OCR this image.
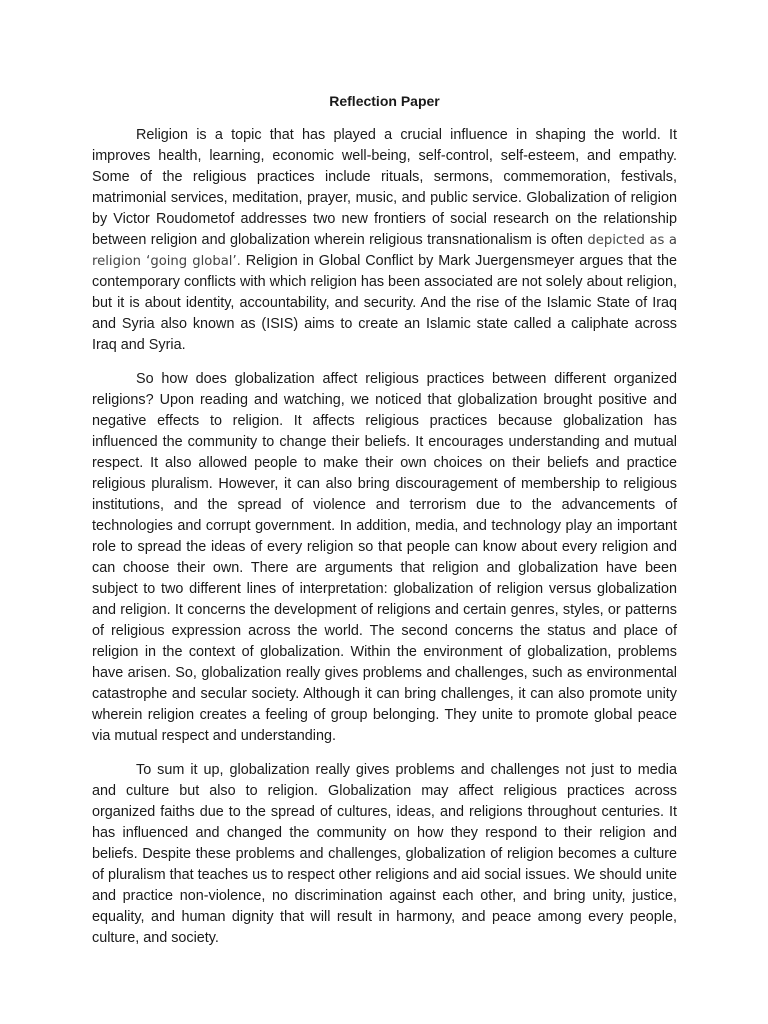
Reflection Paper

Religion is a topic that has played a crucial influence in shaping the world. It improves health, learning, economic well-being, self-control, self-esteem, and empathy. Some of the religious practices include rituals, sermons, commemoration, festivals, matrimonial services, meditation, prayer, music, and public service. Globalization of religion by Victor Roudometof addresses two new frontiers of social research on the relationship between religion and globalization wherein religious transnationalism is often depicted as a religion ‘going global’. Religion in Global Conflict by Mark Juergensmeyer argues that the contemporary conflicts with which religion has been associated are not solely about religion, but it is about identity, accountability, and security. And the rise of the Islamic State of Iraq and Syria also known as (ISIS) aims to create an Islamic state called a caliphate across Iraq and Syria.

So how does globalization affect religious practices between different organized religions? Upon reading and watching, we noticed that globalization brought positive and negative effects to religion. It affects religious practices because globalization has influenced the community to change their beliefs. It encourages understanding and mutual respect. It also allowed people to make their own choices on their beliefs and practice religious pluralism. However, it can also bring discouragement of membership to religious institutions, and the spread of violence and terrorism due to the advancements of technologies and corrupt government. In addition, media, and technology play an important role to spread the ideas of every religion so that people can know about every religion and can choose their own. There are arguments that religion and globalization have been subject to two different lines of interpretation: globalization of religion versus globalization and religion. It concerns the development of religions and certain genres, styles, or patterns of religious expression across the world. The second concerns the status and place of religion in the context of globalization. Within the environment of globalization, problems have arisen. So, globalization really gives problems and challenges, such as environmental catastrophe and secular society. Although it can bring challenges, it can also promote unity wherein religion creates a feeling of group belonging. They unite to promote global peace via mutual respect and understanding.

To sum it up, globalization really gives problems and challenges not just to media and culture but also to religion. Globalization may affect religious practices across organized faiths due to the spread of cultures, ideas, and religions throughout centuries. It has influenced and changed the community on how they respond to their religion and beliefs. Despite these problems and challenges, globalization of religion becomes a culture of pluralism that teaches us to respect other religions and aid social issues. We should unite and practice non-violence, no discrimination against each other, and bring unity, justice, equality, and human dignity that will result in harmony, and peace among every people, culture, and society.
